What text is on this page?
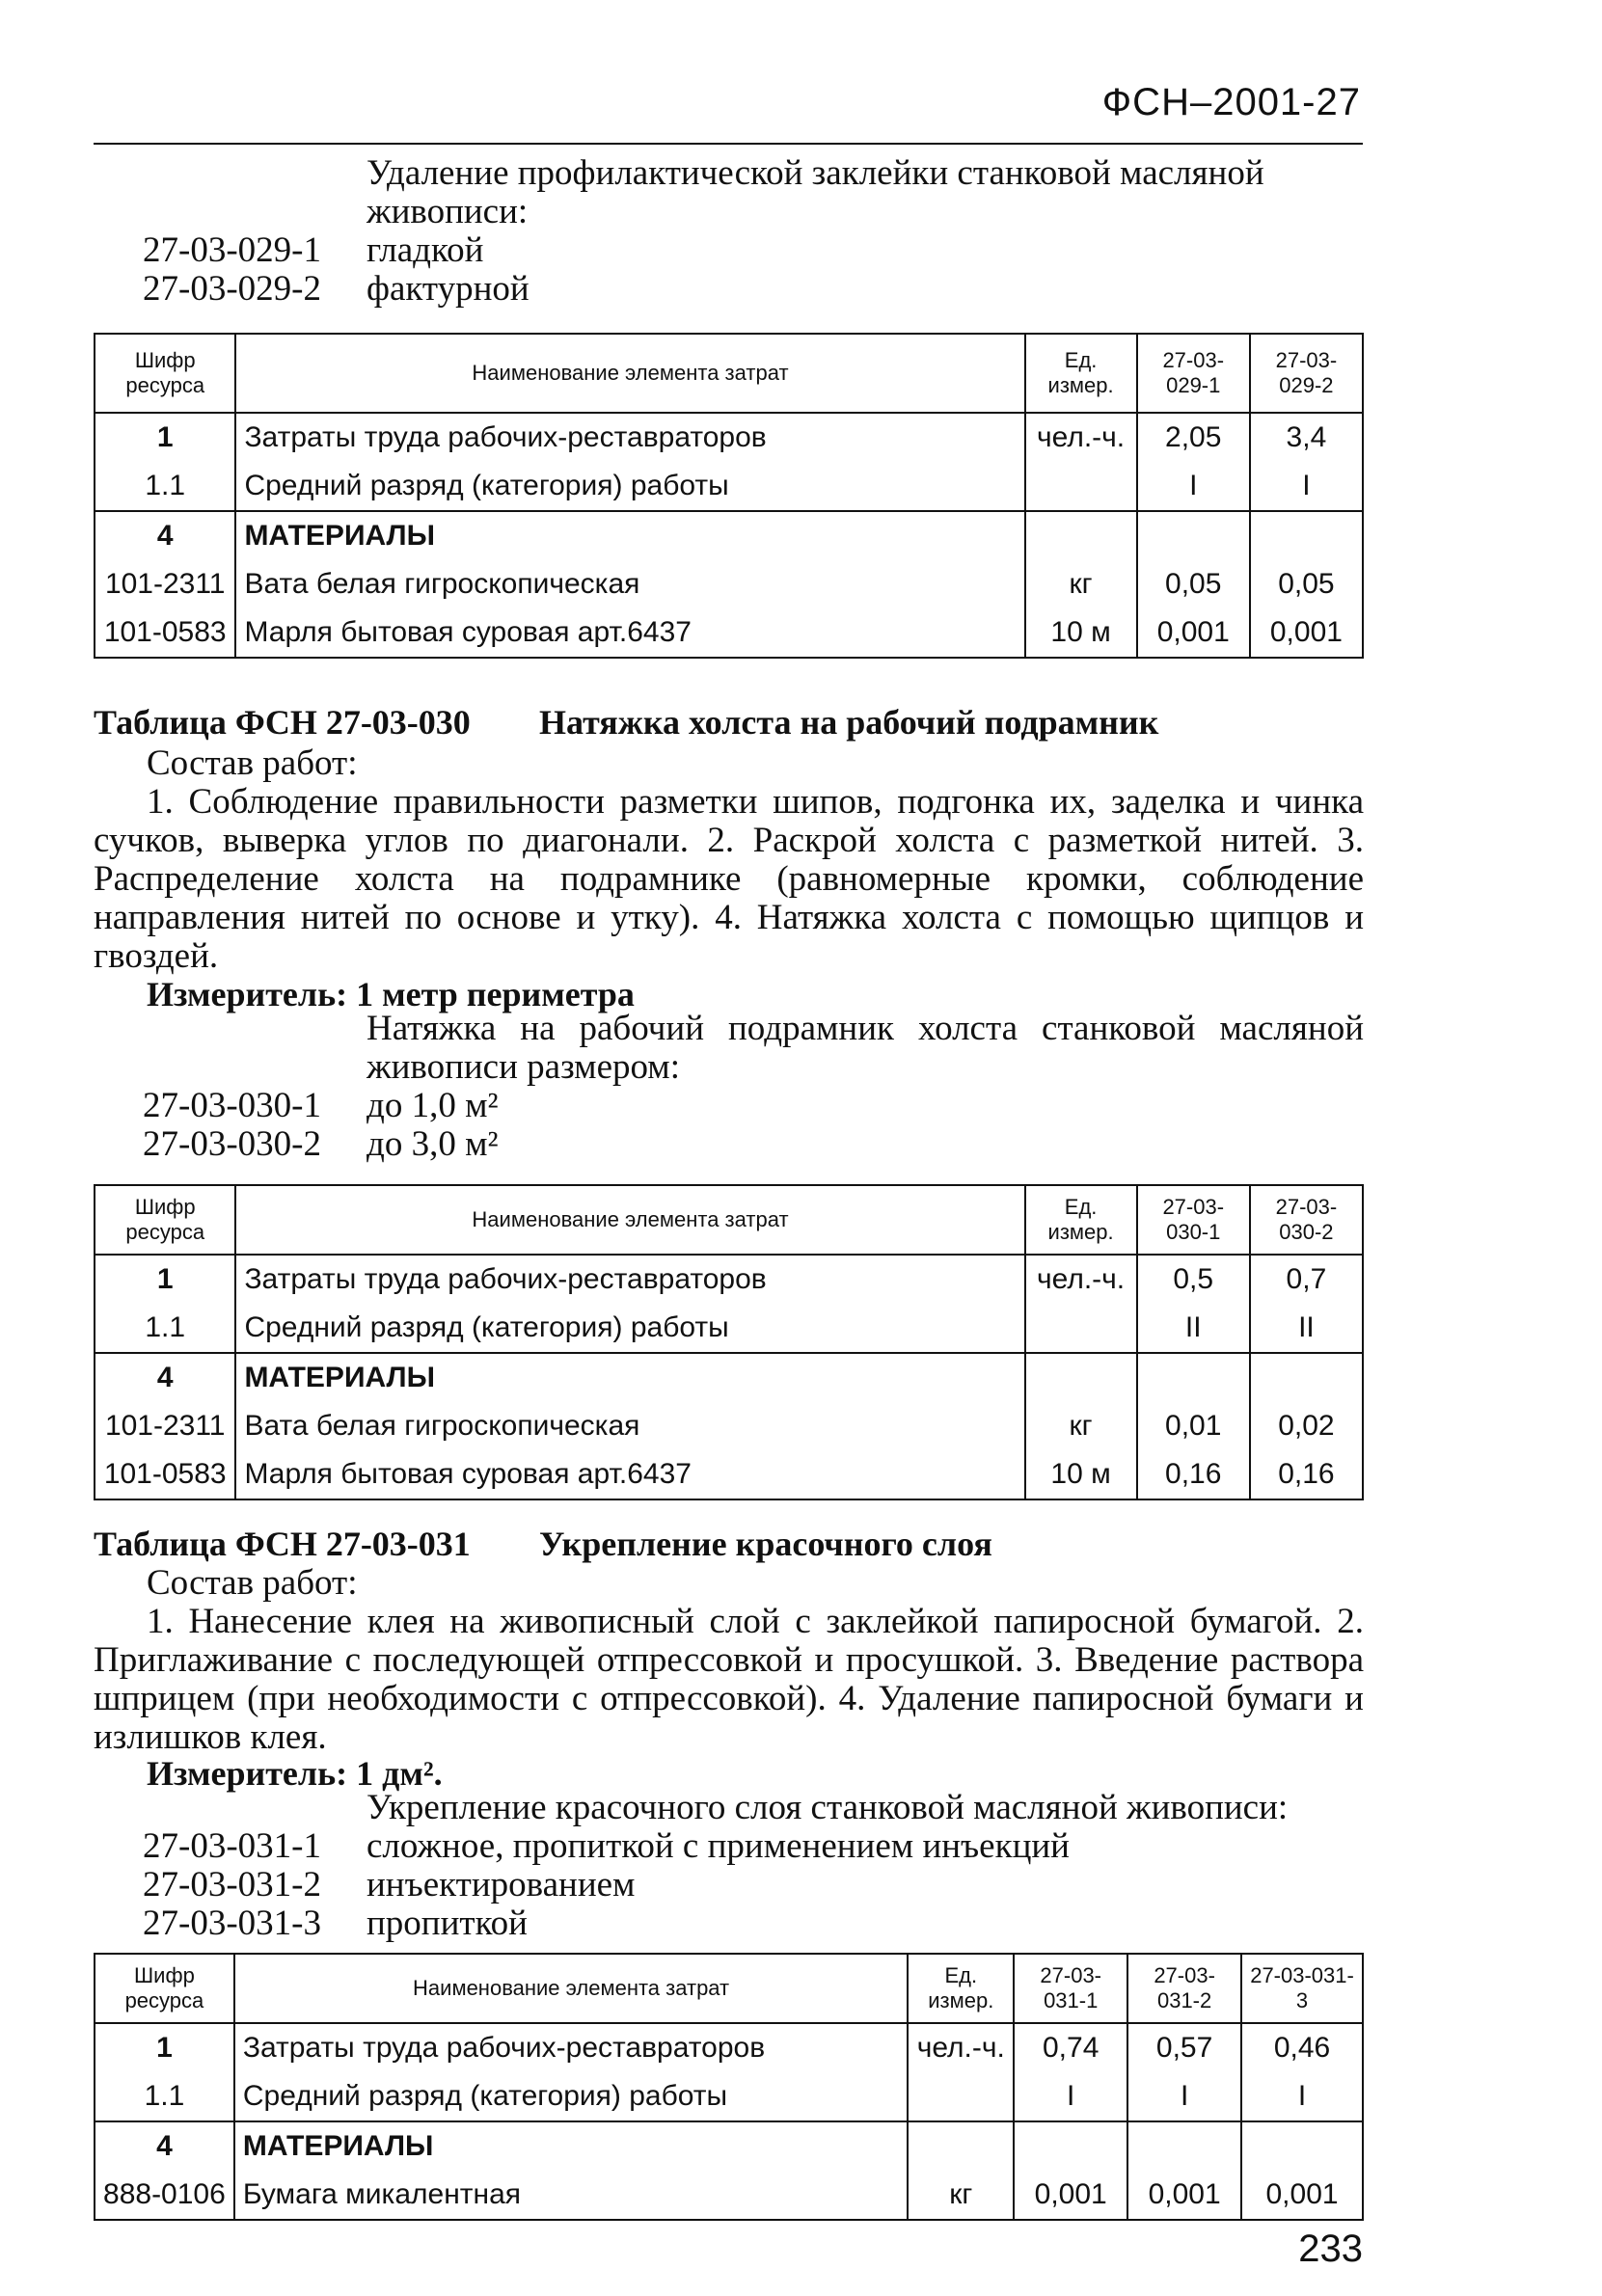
ФСН–2001-27
Удаление профилактической заклейки станковой масляной
живописи:
27-03-029-1	гладкой
27-03-029-2	фактурной
Шифр ресурса	Наименование элемента затрат	Ед. измер.	27-03-029-1	27-03-029-2
1	Затраты труда рабочих-реставраторов	чел.-ч.	2,05	3,4
1.1	Средний разряд (категория) работы		I	I
4	МАТЕРИАЛЫ			
101-2311	Вата белая гигроскопическая	кг	0,05	0,05
101-0583	Марля бытовая суровая арт.6437	10 м	0,001	0,001
Таблица ФСН 27-03-030 Натяжка холста на рабочий подрамник
Состав работ:
1. Соблюдение правильности разметки шипов, подгонка их, заделка и чинка сучков, выверка углов по диагонали. 2. Раскрой холста с разметкой нитей. 3. Распределение холста на подрамнике (равномерные кромки, соблюдение направления нитей по основе и утку). 4. Натяжка холста с помощью щипцов и гвоздей.
Измеритель: 1 метр периметра
Натяжка на рабочий подрамник холста станковой масляной живописи размером:
27-03-030-1	до 1,0 м²
27-03-030-2	до 3,0 м²
Шифр ресурса	Наименование элемента затрат	Ед. измер.	27-03-030-1	27-03-030-2
1	Затраты труда рабочих-реставраторов	чел.-ч.	0,5	0,7
1.1	Средний разряд (категория) работы		II	II
4	МАТЕРИАЛЫ			
101-2311	Вата белая гигроскопическая	кг	0,01	0,02
101-0583	Марля бытовая суровая арт.6437	10 м	0,16	0,16
Таблица ФСН 27-03-031 Укрепление красочного слоя
Состав работ:
1. Нанесение клея на живописный слой с заклейкой папиросной бумагой. 2. Приглаживание с последующей отпрессовкой и просушкой. 3. Введение раствора шприцем (при необходимости с отпрессовкой). 4. Удаление папиросной бумаги и излишков клея.
Измеритель: 1 дм².
Укрепление красочного слоя станковой масляной живописи:
27-03-031-1	сложное, пропиткой с применением инъекций
27-03-031-2	инъектированием
27-03-031-3	пропиткой
Шифр ресурса	Наименование элемента затрат	Ед. измер.	27-03-031-1	27-03-031-2	27-03-031-3
1	Затраты труда рабочих-реставраторов	чел.-ч.	0,74	0,57	0,46
1.1	Средний разряд (категория) работы		I	I	I
4	МАТЕРИАЛЫ				
888-0106	Бумага микалентная	кг	0,001	0,001	0,001
233
